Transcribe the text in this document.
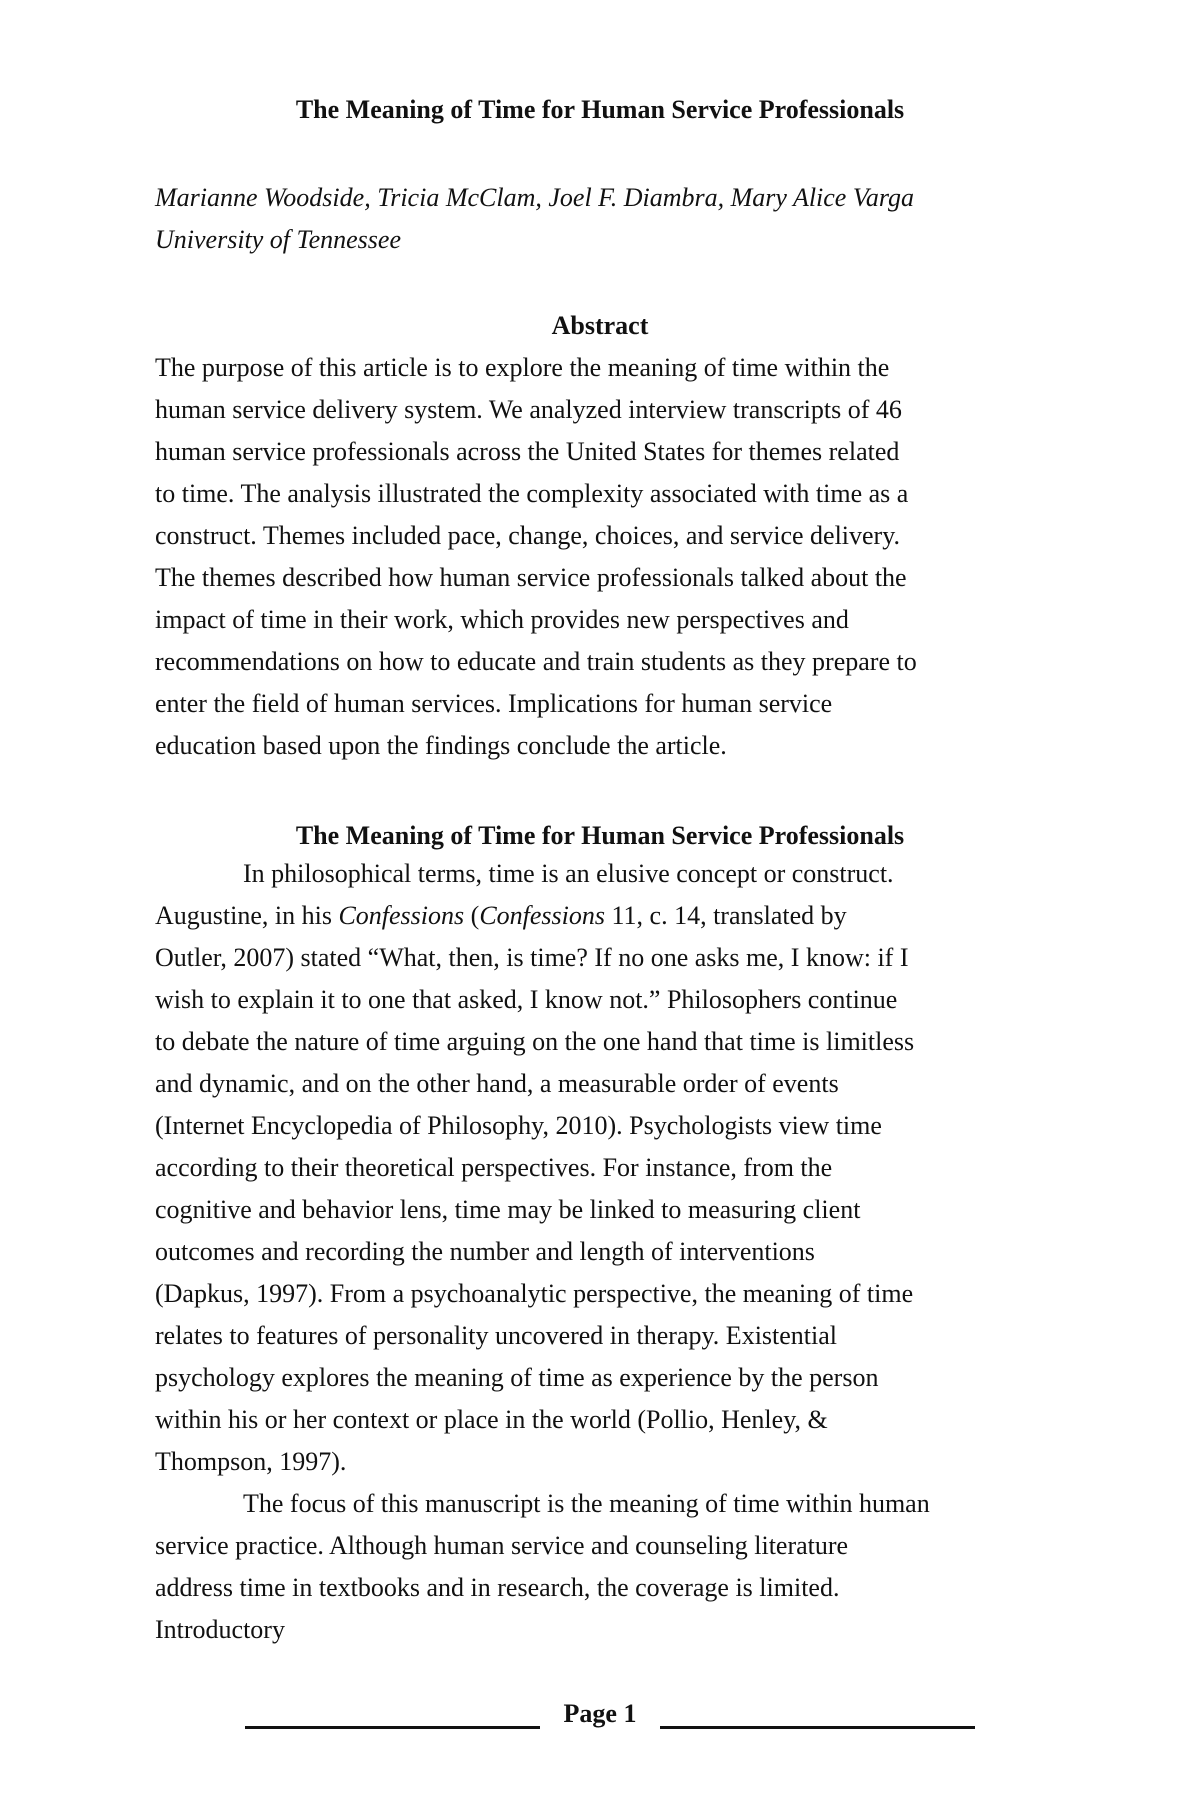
The Meaning of Time for Human Service Professionals
Marianne Woodside, Tricia McClam, Joel F. Diambra, Mary Alice Varga
University of Tennessee
Abstract
The purpose of this article is to explore the meaning of time within the
human service delivery system. We analyzed interview transcripts of 46
human service professionals across the United States for themes related
to time. The analysis illustrated the complexity associated with time as a
construct. Themes included pace, change, choices, and service delivery.
The themes described how human service professionals talked about the
impact of time in their work, which provides new perspectives and
recommendations on how to educate and train students as they prepare to
enter the field of human services. Implications for human service
education based upon the findings conclude the article.
The Meaning of Time for Human Service Professionals
In philosophical terms, time is an elusive concept or construct.
Augustine, in his Confessions (Confessions 11, c. 14, translated by
Outler, 2007) stated “What, then, is time? If no one asks me, I know: if I
wish to explain it to one that asked, I know not.” Philosophers continue
to debate the nature of time arguing on the one hand that time is limitless
and dynamic, and on the other hand, a measurable order of events
(Internet Encyclopedia of Philosophy, 2010). Psychologists view time
according to their theoretical perspectives. For instance, from the
cognitive and behavior lens, time may be linked to measuring client
outcomes and recording the number and length of interventions
(Dapkus, 1997). From a psychoanalytic perspective, the meaning of time
relates to features of personality uncovered in therapy. Existential
psychology explores the meaning of time as experience by the person
within his or her context or place in the world (Pollio, Henley, &
Thompson, 1997).
The focus of this manuscript is the meaning of time within human
service practice. Although human service and counseling literature
address time in textbooks and in research, the coverage is limited.
Introductory
Page 1
